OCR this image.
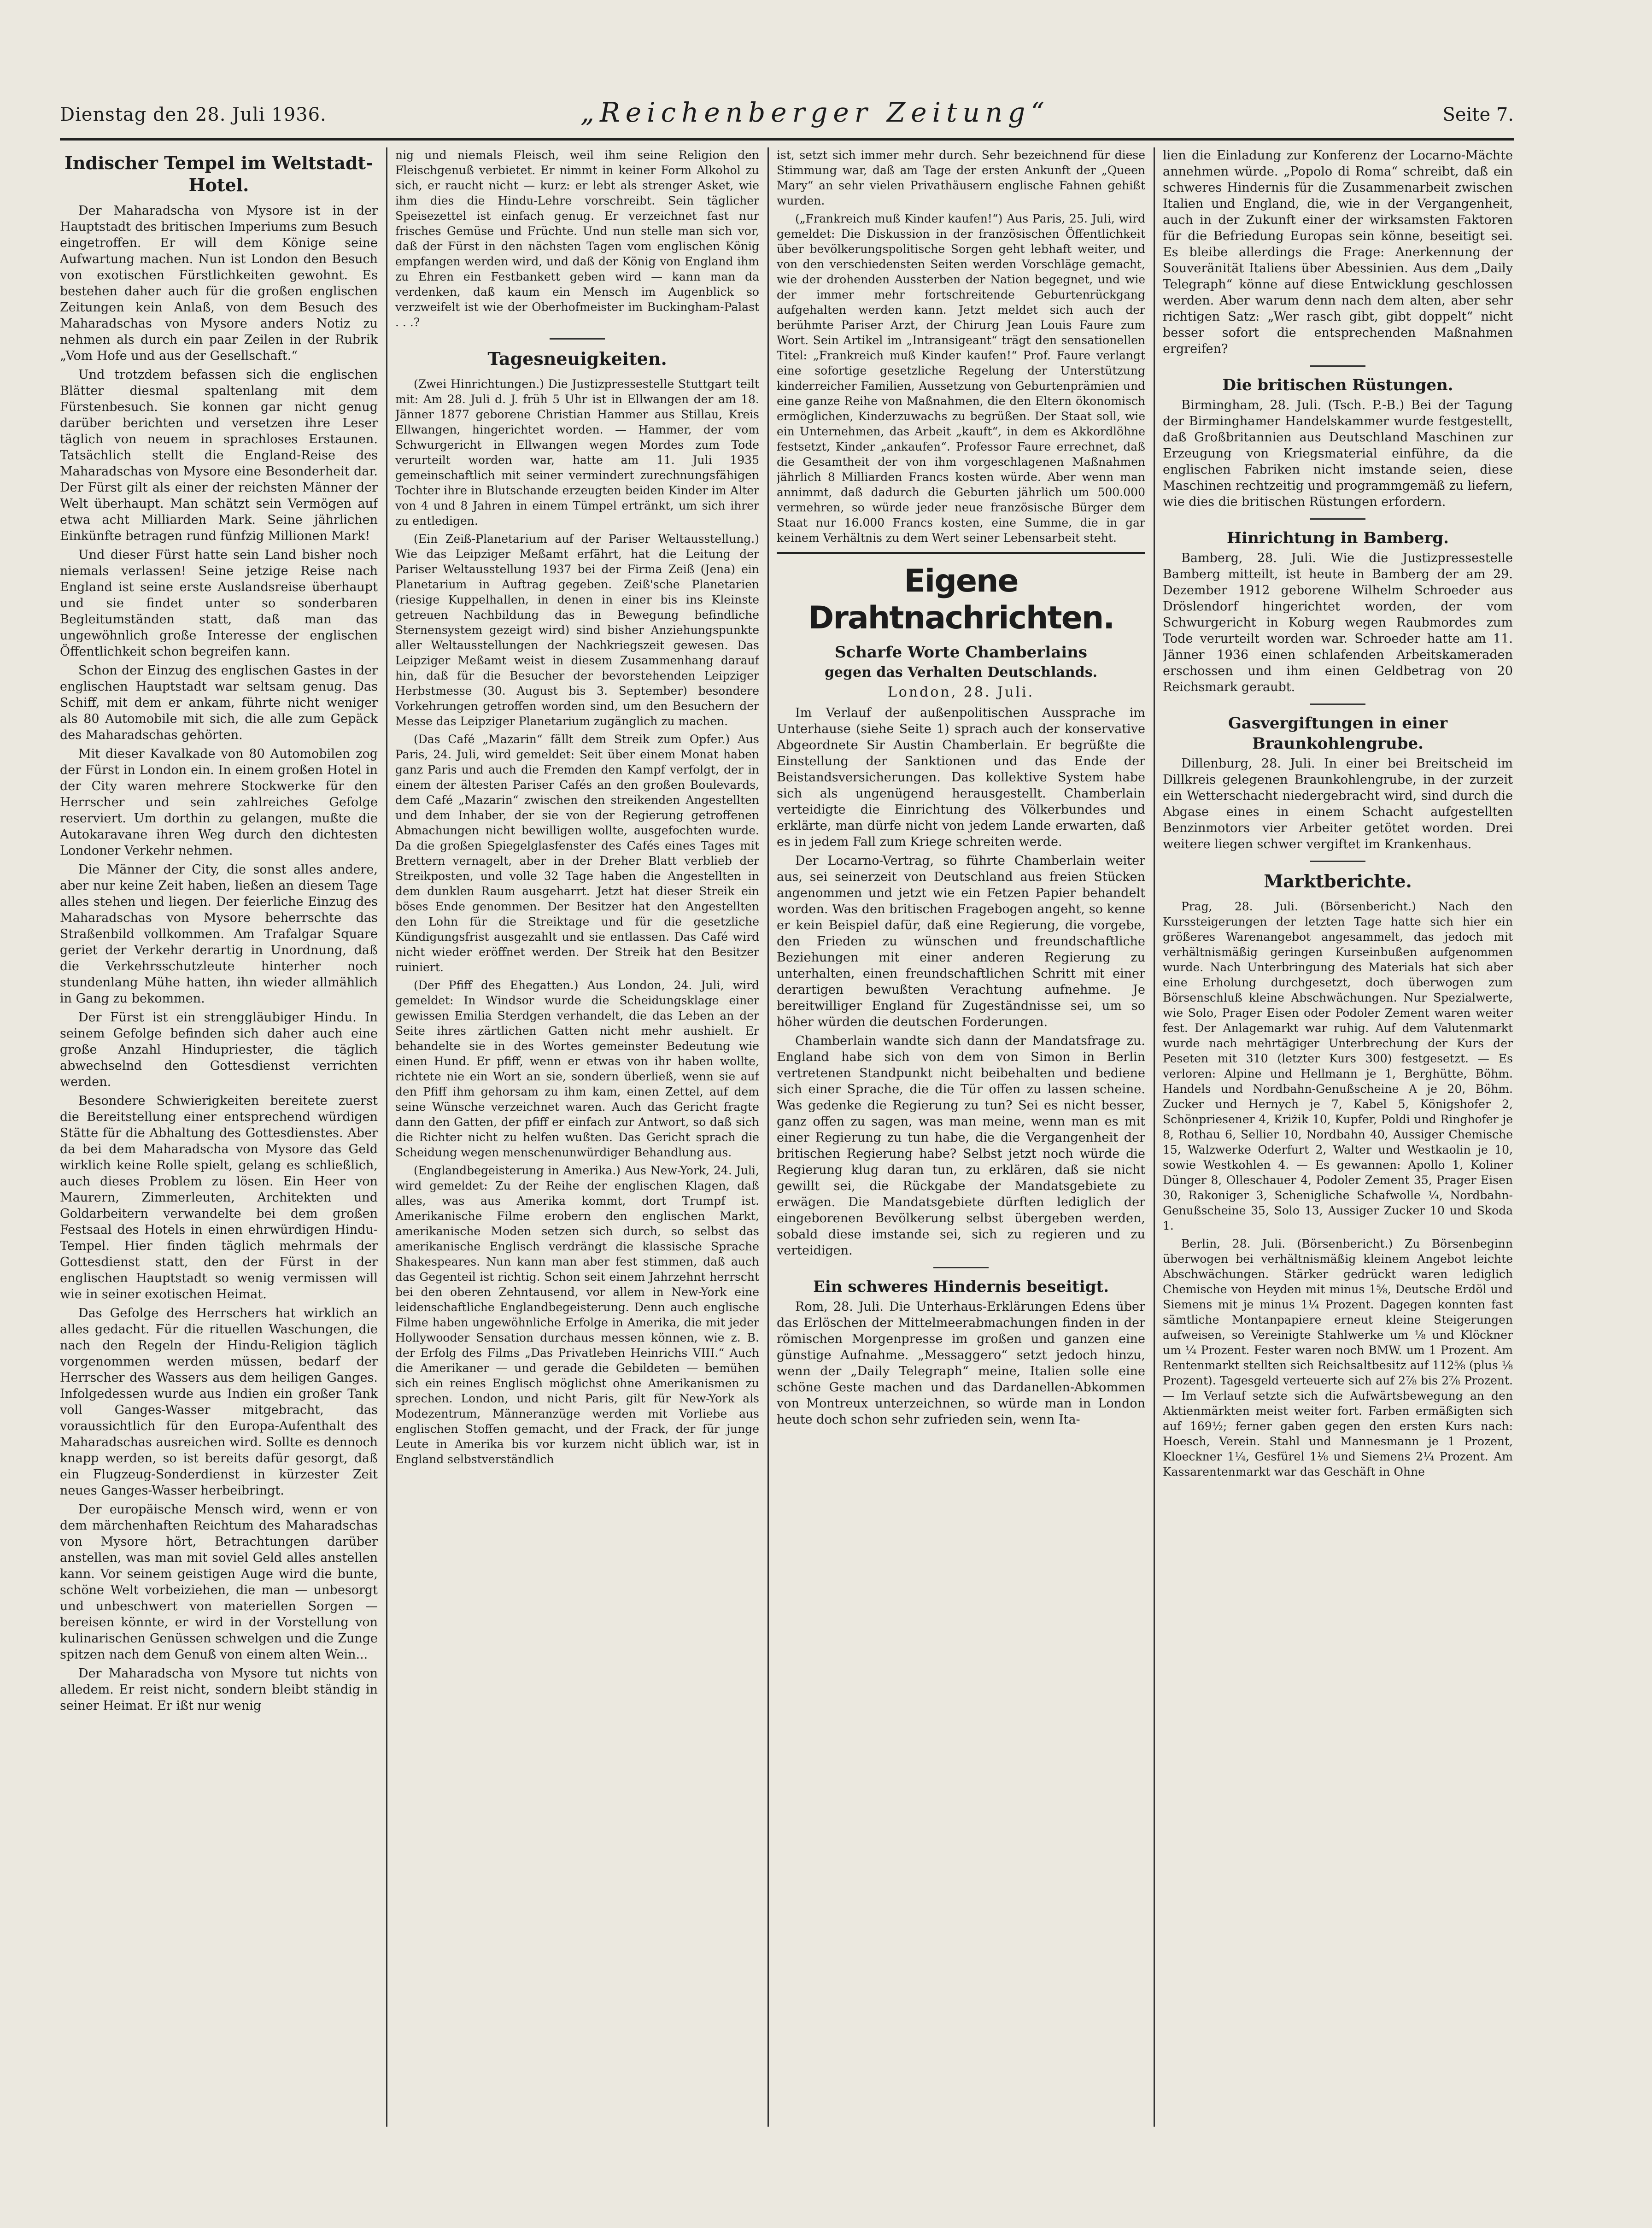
Dienstag den 28. Juli 1936.	„Reichenberger Zeitung“	Seite 7.
Indischer Tempel im Weltstadt-Hotel.

Der Maharadscha von Mysore ist in der Hauptstadt des britischen Imperiums zum Besuch eingetroffen. Er will dem Könige seine Aufwartung machen. Nun ist London den Besuch von exotischen Fürstlichkeiten gewohnt. Es bestehen daher auch für die großen englischen Zeitungen kein Anlaß, von dem Besuch des Maharadschas von Mysore anders Notiz zu nehmen als durch ein paar Zeilen in der Rubrik „Vom Hofe und aus der Gesellschaft.“

Und trotzdem befassen sich die englischen Blätter diesmal spaltenlang mit dem Fürstenbesuch. Sie konnen gar nicht genug darüber berichten und versetzen ihre Leser täglich von neuem in sprachloses Erstaunen. Tatsächlich stellt die England-Reise des Maharadschas von Mysore eine Besonderheit dar. Der Fürst gilt als einer der reichsten Männer der Welt überhaupt. Man schätzt sein Vermögen auf etwa acht Milliarden Mark. Seine jährlichen Einkünfte betragen rund fünfzig Millionen Mark!

Und dieser Fürst hatte sein Land bisher noch niemals verlassen! Seine jetzige Reise nach England ist seine erste Auslandsreise überhaupt und sie findet unter so sonderbaren Begleitumständen statt, daß man das ungewöhnlich große Interesse der englischen Öffentlichkeit schon begreifen kann.

Schon der Einzug des englischen Gastes in der englischen Hauptstadt war seltsam genug. Das Schiff, mit dem er ankam, führte nicht weniger als 80 Automobile mit sich, die alle zum Gepäck des Maharadschas gehörten.

Mit dieser Kavalkade von 80 Automobilen zog der Fürst in London ein. In einem großen Hotel in der City waren mehrere Stockwerke für den Herrscher und sein zahlreiches Gefolge reserviert. Um dorthin zu gelangen, mußte die Autokaravane ihren Weg durch den dichtesten Londoner Verkehr nehmen.

Die Männer der City, die sonst alles andere, aber nur keine Zeit haben, ließen an diesem Tage alles stehen und liegen. Der feierliche Einzug des Maharadschas von Mysore beherrschte das Straßenbild vollkommen. Am Trafalgar Square geriet der Verkehr derartig in Unordnung, daß die Verkehrsschutzleute hinterher noch stundenlang Mühe hatten, ihn wieder allmählich in Gang zu bekommen.

Der Fürst ist ein strenggläubiger Hindu. In seinem Gefolge befinden sich daher auch eine große Anzahl Hindupriester, die täglich abwechselnd den Gottesdienst verrichten werden.

Besondere Schwierigkeiten bereitete zuerst die Bereitstellung einer entsprechend würdigen Stätte für die Abhaltung des Gottesdienstes. Aber da bei dem Maharadscha von Mysore das Geld wirklich keine Rolle spielt, gelang es schließlich, auch dieses Problem zu lösen. Ein Heer von Maurern, Zimmerleuten, Architekten und Goldarbeitern verwandelte bei dem großen Festsaal des Hotels in einen ehrwürdigen Hindu-Tempel. Hier finden täglich mehrmals der Gottesdienst statt, den der Fürst in der englischen Hauptstadt so wenig vermissen will wie in seiner exotischen Heimat.

Das Gefolge des Herrschers hat wirklich an alles gedacht. Für die rituellen Waschungen, die nach den Regeln der Hindu-Religion täglich vorgenommen werden müssen, bedarf der Herrscher des Wassers aus dem heiligen Ganges. Infolgedessen wurde aus Indien ein großer Tank voll Ganges-Wasser mitgebracht, das voraussichtlich für den Europa-Aufenthalt des Maharadschas ausreichen wird. Sollte es dennoch knapp werden, so ist bereits dafür gesorgt, daß ein Flugzeug-Sonderdienst in kürzester Zeit neues Ganges-Wasser herbeibringt.

Der europäische Mensch wird, wenn er von dem märchenhaften Reichtum des Maharadschas von Mysore hört, Betrachtungen darüber anstellen, was man mit soviel Geld alles anstellen kann. Vor seinem geistigen Auge wird die bunte, schöne Welt vorbeiziehen, die man — unbesorgt und unbeschwert von materiellen Sorgen — bereisen könnte, er wird in der Vorstellung von kulinarischen Genüssen schwelgen und die Zunge spitzen nach dem Genuß von einem alten Wein...

Der Maharadscha von Mysore tut nichts von alledem. Er reist nicht, sondern bleibt ständig in seiner Heimat. Er ißt nur wenig

nig und niemals Fleisch, weil ihm seine Religion den Fleischgenuß verbietet. Er nimmt in keiner Form Alkohol zu sich, er raucht nicht — kurz: er lebt als strenger Asket, wie ihm dies die Hindu-Lehre vorschreibt. Sein täglicher Speisezettel ist einfach genug. Er verzeichnet fast nur frisches Gemüse und Früchte. Und nun stelle man sich vor, daß der Fürst in den nächsten Tagen vom englischen König empfangen werden wird, und daß der König von England ihm zu Ehren ein Festbankett geben wird — kann man da verdenken, daß kaum ein Mensch im Augenblick so verzweifelt ist wie der Oberhofmeister im Buckingham-Palast . . .?

Tagesneuigkeiten.

(Zwei Hinrichtungen.) Die Justizpressestelle Stuttgart teilt mit: Am 28. Juli d. J. früh 5 Uhr ist in Ellwangen der am 18. Jänner 1877 geborene Christian Hammer aus Stillau, Kreis Ellwangen, hingerichtet worden. — Hammer, der vom Schwurgericht in Ellwangen wegen Mordes zum Tode verurteilt worden war, hatte am 11. Juli 1935 gemeinschaftlich mit seiner vermindert zurechnungsfähigen Tochter ihre in Blutschande erzeugten beiden Kinder im Alter von 4 und 8 Jahren in einem Tümpel ertränkt, um sich ihrer zu entledigen.

(Ein Zeiß-Planetarium auf der Pariser Weltausstellung.) Wie das Leipziger Meßamt erfährt, hat die Leitung der Pariser Weltausstellung 1937 bei der Firma Zeiß (Jena) ein Planetarium in Auftrag gegeben. Zeiß'sche Planetarien (riesige Kuppelhallen, in denen in einer bis ins Kleinste getreuen Nachbildung das in Bewegung befindliche Sternensystem gezeigt wird) sind bisher Anziehungspunkte aller Weltausstellungen der Nachkriegszeit gewesen. Das Leipziger Meßamt weist in diesem Zusammenhang darauf hin, daß für die Besucher der bevorstehenden Leipziger Herbstmesse (30. August bis 3. September) besondere Vorkehrungen getroffen worden sind, um den Besuchern der Messe das Leipziger Planetarium zugänglich zu machen.

(Das Café „Mazarin“ fällt dem Streik zum Opfer.) Aus Paris, 24. Juli, wird gemeldet: Seit über einem Monat haben ganz Paris und auch die Fremden den Kampf verfolgt, der in einem der ältesten Pariser Cafés an den großen Boulevards, dem Café „Mazarin“ zwischen den streikenden Angestellten und dem Inhaber, der sie von der Regierung getroffenen Abmachungen nicht bewilligen wollte, ausgefochten wurde. Da die großen Spiegelglasfenster des Cafés eines Tages mit Brettern vernagelt, aber in der Dreher Blatt verblieb der Streikposten, und volle 32 Tage haben die Angestellten in dem dunklen Raum ausgeharrt. Jetzt hat dieser Streik ein böses Ende genommen. Der Besitzer hat den Angestellten den Lohn für die Streiktage und für die gesetzliche Kündigungsfrist ausgezahlt und sie entlassen. Das Café wird nicht wieder eröffnet werden. Der Streik hat den Besitzer ruiniert.

(Der Pfiff des Ehegatten.) Aus London, 24. Juli, wird gemeldet: In Windsor wurde die Scheidungsklage einer gewissen Emilia Sterdgen verhandelt, die das Leben an der Seite ihres zärtlichen Gatten nicht mehr aushielt. Er behandelte sie in des Wortes gemeinster Bedeutung wie einen Hund. Er pfiff, wenn er etwas von ihr haben wollte, richtete nie ein Wort an sie, sondern überließ, wenn sie auf den Pfiff ihm gehorsam zu ihm kam, einen Zettel, auf dem seine Wünsche verzeichnet waren. Auch das Gericht fragte dann den Gatten, der pfiff er einfach zur Antwort, so daß sich die Richter nicht zu helfen wußten. Das Gericht sprach die Scheidung wegen menschenunwürdiger Behandlung aus.

(Englandbegeisterung in Amerika.) Aus New-York, 24. Juli, wird gemeldet: Zu der Reihe der englischen Klagen, daß alles, was aus Amerika kommt, dort Trumpf ist. Amerikanische Filme erobern den englischen Markt, amerikanische Moden setzen sich durch, so selbst das amerikanische Englisch verdrängt die klassische Sprache Shakespeares. Nun kann man aber fest stimmen, daß auch das Gegenteil ist richtig. Schon seit einem Jahrzehnt herrscht bei den oberen Zehntausend, vor allem in New-York eine leidenschaftliche Englandbegeisterung. Denn auch englische Filme haben ungewöhnliche Erfolge in Amerika, die mit jeder Hollywooder Sensation durchaus messen können, wie z. B. der Erfolg des Films „Das Privatleben Heinrichs VIII.“ Auch die Amerikaner — und gerade die Gebildeten — bemühen sich ein reines Englisch möglichst ohne Amerikanismen zu sprechen. London, und nicht Paris, gilt für New-York als Modezentrum, Männeranzüge werden mit Vorliebe aus englischen Stoffen gemacht, und der Frack, der für junge Leute in Amerika bis vor kurzem nicht üblich war, ist in England selbstverständlich

ist, setzt sich immer mehr durch. Sehr bezeichnend für diese Stimmung war, daß am Tage der ersten Ankunft der „Queen Mary“ an sehr vielen Privathäusern englische Fahnen gehißt wurden.

(„Frankreich muß Kinder kaufen!“) Aus Paris, 25. Juli, wird gemeldet: Die Diskussion in der französischen Öffentlichkeit über bevölkerungspolitische Sorgen geht lebhaft weiter, und von den verschiedensten Seiten werden Vorschläge gemacht, wie der drohenden Aussterben der Nation begegnet, und wie der immer mehr fortschreitende Geburtenrückgang aufgehalten werden kann. Jetzt meldet sich auch der berühmte Pariser Arzt, der Chirurg Jean Louis Faure zum Wort. Sein Artikel im „Intransigeant“ trägt den sensationellen Titel: „Frankreich muß Kinder kaufen!“ Prof. Faure verlangt eine sofortige gesetzliche Regelung der Unterstützung kinderreicher Familien, Aussetzung von Geburtenprämien und eine ganze Reihe von Maßnahmen, die den Eltern ökonomisch ermöglichen, Kinderzuwachs zu begrüßen. Der Staat soll, wie ein Unternehmen, das Arbeit „kauft“, in dem es Akkordlöhne festsetzt, Kinder „ankaufen“. Professor Faure errechnet, daß die Gesamtheit der von ihm vorgeschlagenen Maßnahmen jährlich 8 Milliarden Francs kosten würde. Aber wenn man annimmt, daß dadurch die Geburten jährlich um 500.000 vermehren, so würde jeder neue französische Bürger dem Staat nur 16.000 Francs kosten, eine Summe, die in gar keinem Verhältnis zu dem Wert seiner Lebensarbeit steht.

Eigene Drahtnachrichten.
Scharfe Worte Chamberlains
gegen das Verhalten Deutschlands.
London, 28. Juli.

Im Verlauf der außenpolitischen Aussprache im Unterhause (siehe Seite 1) sprach auch der konservative Abgeordnete Sir Austin Chamberlain. Er begrüßte die Einstellung der Sanktionen und das Ende der Beistandsversicherungen. Das kollektive System habe sich als ungenügend herausgestellt. Chamberlain verteidigte die Einrichtung des Völkerbundes und erklärte, man dürfe nicht von jedem Lande erwarten, daß es in jedem Fall zum Kriege schreiten werde.

Der Locarno-Vertrag, so führte Chamberlain weiter aus, sei seinerzeit von Deutschland aus freien Stücken angenommen und jetzt wie ein Fetzen Papier behandelt worden. Was den britischen Fragebogen angeht, so kenne er kein Beispiel dafür, daß eine Regierung, die vorgebe, den Frieden zu wünschen und freundschaftliche Beziehungen mit einer anderen Regierung zu unterhalten, einen freundschaftlichen Schritt mit einer derartigen bewußten Verachtung aufnehme. Je bereitwilliger England für Zugeständnisse sei, um so höher würden die deutschen Forderungen.

Chamberlain wandte sich dann der Mandatsfrage zu. England habe sich von dem von Simon in Berlin vertretenen Standpunkt nicht beibehalten und bediene sich einer Sprache, die die Tür offen zu lassen scheine. Was gedenke die Regierung zu tun? Sei es nicht besser, ganz offen zu sagen, was man meine, wenn man es mit einer Regierung zu tun habe, die die Vergangenheit der britischen Regierung habe? Selbst jetzt noch würde die Regierung klug daran tun, zu erklären, daß sie nicht gewillt sei, die Rückgabe der Mandatsgebiete zu erwägen. Die Mandatsgebiete dürften lediglich der eingeborenen Bevölkerung selbst übergeben werden, sobald diese imstande sei, sich zu regieren und zu verteidigen.

Ein schweres Hindernis beseitigt.

Rom, 28. Juli. Die Unterhaus-Erklärungen Edens über das Erlöschen der Mittelmeerabmachungen finden in der römischen Morgenpresse im großen und ganzen eine günstige Aufnahme. „Messaggero“ setzt jedoch hinzu, wenn der „Daily Telegraph“ meine, Italien solle eine schöne Geste machen und das Dardanellen-Abkommen von Montreux unterzeichnen, so würde man in London heute doch schon sehr zufrieden sein, wenn Ita-

lien die Einladung zur Konferenz der Locarno-Mächte annehmen würde. „Popolo di Roma“ schreibt, daß ein schweres Hindernis für die Zusammenarbeit zwischen Italien und England, die, wie in der Vergangenheit, auch in der Zukunft einer der wirksamsten Faktoren für die Befriedung Europas sein könne, beseitigt sei. Es bleibe allerdings die Frage: Anerkennung der Souveränität Italiens über Abessinien. Aus dem „Daily Telegraph“ könne auf diese Entwicklung geschlossen werden. Aber warum denn nach dem alten, aber sehr richtigen Satz: „Wer rasch gibt, gibt doppelt“ nicht besser sofort die entsprechenden Maßnahmen ergreifen?

Die britischen Rüstungen.

Birmingham, 28. Juli. (Tsch. P.-B.) Bei der Tagung der Birminghamer Handelskammer wurde festgestellt, daß Großbritannien aus Deutschland Maschinen zur Erzeugung von Kriegsmaterial einführe, da die englischen Fabriken nicht imstande seien, diese Maschinen rechtzeitig und programmgemäß zu liefern, wie dies die britischen Rüstungen erfordern.

Hinrichtung in Bamberg.

Bamberg, 28. Juli. Wie die Justizpressestelle Bamberg mitteilt, ist heute in Bamberg der am 29. Dezember 1912 geborene Wilhelm Schroeder aus Dröslendorf hingerichtet worden, der vom Schwurgericht in Koburg wegen Raubmordes zum Tode verurteilt worden war. Schroeder hatte am 11. Jänner 1936 einen schlafenden Arbeitskameraden erschossen und ihm einen Geldbetrag von 20 Reichsmark geraubt.

Gasvergiftungen in einer Braunkohlengrube.

Dillenburg, 28. Juli. In einer bei Breitscheid im Dillkreis gelegenen Braunkohlengrube, in der zurzeit ein Wetterschacht niedergebracht wird, sind durch die Abgase eines in einem Schacht aufgestellten Benzinmotors vier Arbeiter getötet worden. Drei weitere liegen schwer vergiftet im Krankenhaus.

Marktberichte.

Prag, 28. Juli. (Börsenbericht.) Nach den Kurssteigerungen der letzten Tage hatte sich hier ein größeres Warenangebot angesammelt, das jedoch mit verhältnismäßig geringen Kurseinbußen aufgenommen wurde. Nach Unterbringung des Materials hat sich aber eine Erholung durchgesetzt, doch überwogen zum Börsenschluß kleine Abschwächungen. Nur Spezialwerte, wie Solo, Prager Eisen oder Podoler Zement waren weiter fest. Der Anlagemarkt war ruhig. Auf dem Valutenmarkt wurde nach mehrtägiger Unterbrechung der Kurs der Peseten mit 310 (letzter Kurs 300) festgesetzt. — Es verloren: Alpine und Hellmann je 1, Berghütte, Böhm. Handels und Nordbahn-Genußscheine A je 20, Böhm. Zucker und Hernych je 7, Kabel 5, Königshofer 2, Schönpriesener 4, Kriżik 10, Kupfer, Poldi und Ringhofer je 8, Rothau 6, Sellier 10, Nordbahn 40, Aussiger Chemische 15, Walzwerke Oderfurt 2, Walter und Westkaolin je 10, sowie Westkohlen 4. — Es gewannen: Apollo 1, Koliner Dünger 8, Olleschauer 4, Podoler Zement 35, Prager Eisen 30, Rakoniger 3, Schenigliche Schafwolle ¼, Nordbahn-Genußscheine 35, Solo 13, Aussiger Zucker 10 und Skoda 1.

Berlin, 28. Juli. (Börsenbericht.) Zu Börsenbeginn überwogen bei verhältnismäßig kleinem Angebot leichte Abschwächungen. Stärker gedrückt waren lediglich Chemische von Heyden mit minus 1⅝, Deutsche Erdöl und Siemens mit je minus 1¼ Prozent. Dagegen konnten fast sämtliche Montanpapiere erneut kleine Steigerungen aufweisen, so Vereinigte Stahlwerke um ⅛ und Klöckner um ¼ Prozent. Fester waren noch BMW. um 1 Prozent. Am Rentenmarkt stellten sich Reichsaltbesitz auf 112⅝ (plus ⅛ Prozent). Tagesgeld verteuerte sich auf 2⅞ bis 2⅞ Prozent. — Im Verlauf setzte sich die Aufwärtsbewegung an den Aktienmärkten meist weiter fort. Farben ermäßigten sich auf 169½; ferner gaben gegen den ersten Kurs nach: Hoesch, Verein. Stahl und Mannesmann je 1 Prozent, Kloeckner 1¼, Gesfürel 1⅛ und Siemens 2¼ Prozent. Am Kassarentenmarkt war das Geschäft in Ohne
